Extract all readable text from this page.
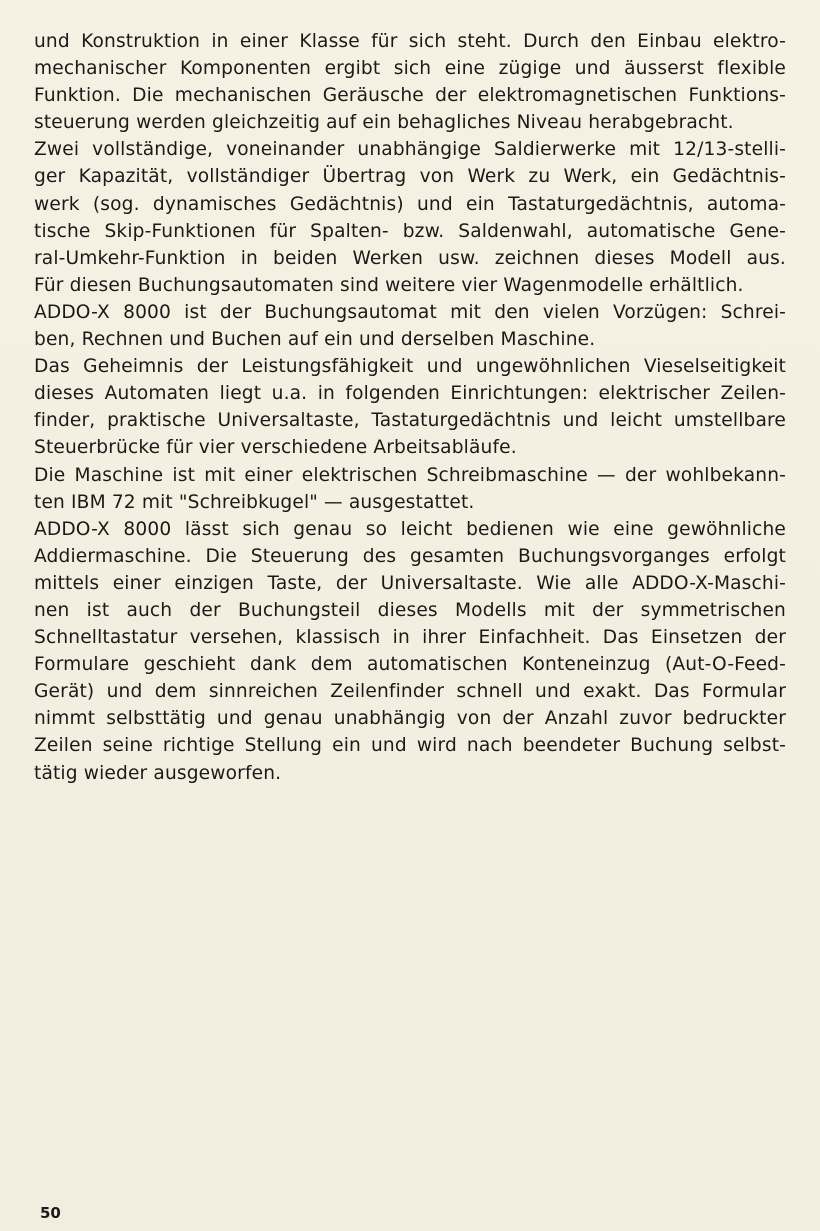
und Konstruktion in einer Klasse für sich steht. Durch den Einbau elektro-
mechanischer Komponenten ergibt sich eine zügige und äusserst flexible
Funktion. Die mechanischen Geräusche der elektromagnetischen Funktions-
steuerung werden gleichzeitig auf ein behagliches Niveau herabgebracht.
Zwei vollständige, voneinander unabhängige Saldierwerke mit 12/13-stelli-
ger Kapazität, vollständiger Übertrag von Werk zu Werk, ein Gedächtnis-
werk (sog. dynamisches Gedächtnis) und ein Tastaturgedächtnis, automa-
tische Skip-Funktionen für Spalten- bzw. Saldenwahl, automatische Gene-
ral-Umkehr-Funktion in beiden Werken usw. zeichnen dieses Modell aus.
Für diesen Buchungsautomaten sind weitere vier Wagenmodelle erhältlich.
ADDO-X 8000 ist der Buchungsautomat mit den vielen Vorzügen: Schrei-
ben, Rechnen und Buchen auf ein und derselben Maschine.
Das Geheimnis der Leistungsfähigkeit und ungewöhnlichen Vieselseitigkeit
dieses Automaten liegt u.a. in folgenden Einrichtungen: elektrischer Zeilen-
finder, praktische Universaltaste, Tastaturgedächtnis und leicht umstellbare
Steuerbrücke für vier verschiedene Arbeitsabläufe.
Die Maschine ist mit einer elektrischen Schreibmaschine — der wohlbekann-
ten IBM 72 mit "Schreibkugel" — ausgestattet.
ADDO-X 8000 lässt sich genau so leicht bedienen wie eine gewöhnliche
Addiermaschine. Die Steuerung des gesamten Buchungsvorganges erfolgt
mittels einer einzigen Taste, der Universaltaste. Wie alle ADDO-X-Maschi-
nen ist auch der Buchungsteil dieses Modells mit der symmetrischen
Schnelltastatur versehen, klassisch in ihrer Einfachheit. Das Einsetzen der
Formulare geschieht dank dem automatischen Konteneinzug (Aut-O-Feed-
Gerät) und dem sinnreichen Zeilenfinder schnell und exakt. Das Formular
nimmt selbsttätig und genau unabhängig von der Anzahl zuvor bedruckter
Zeilen seine richtige Stellung ein und wird nach beendeter Buchung selbst-
tätig wieder ausgeworfen.
50
